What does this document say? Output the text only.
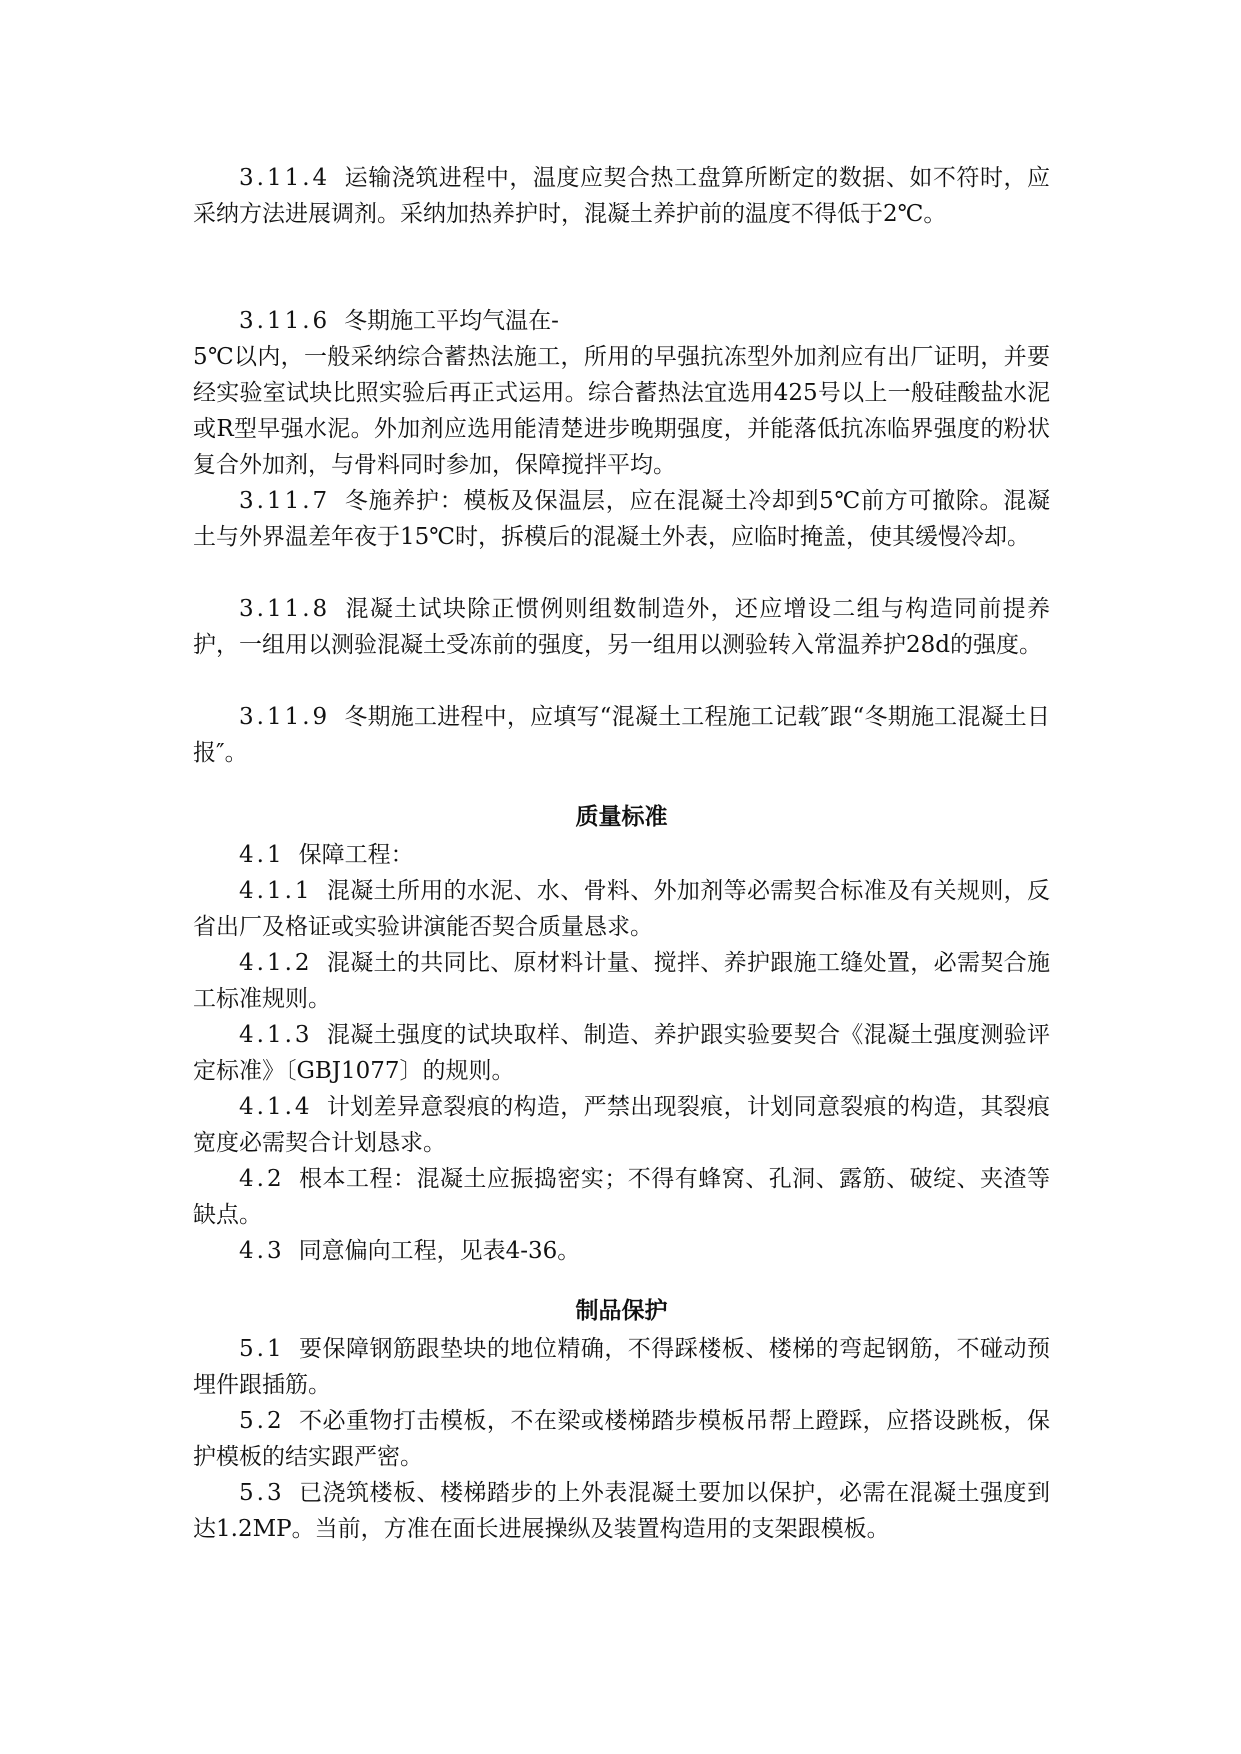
3.11.4 运输浇筑进程中，温度应契合热工盘算所断定的数据、如不符时，应采纳方法进展调剂。采纳加热养护时，混凝土养护前的温度不得低于2℃。

3.11.6 冬期施工平均气温在-

5℃以内，一般采纳综合蓄热法施工，所用的早强抗冻型外加剂应有出厂证明，并要经实验室试块比照实验后再正式运用。综合蓄热法宜选用425号以上一般硅酸盐水泥或R型早强水泥。外加剂应选用能清楚进步晚期强度，并能落低抗冻临界强度的粉状复合外加剂，与骨料同时参加，保障搅拌平均。

3.11.7 冬施养护：模板及保温层，应在混凝土冷却到5℃前方可撤除。混凝土与外界温差年夜于15℃时，拆模后的混凝土外表，应临时掩盖，使其缓慢冷却。

3.11.8 混凝土试块除正惯例则组数制造外，还应增设二组与构造同前提养护，一组用以测验混凝土受冻前的强度，另一组用以测验转入常温养护28d的强度。

3.11.9 冬期施工进程中，应填写“混凝土工程施工记载″跟“冬期施工混凝土日报″。

质量标准

4.1 保障工程：

4.1.1 混凝土所用的水泥、水、骨料、外加剂等必需契合标准及有关规则，反省出厂及格证或实验讲演能否契合质量恳求。

4.1.2 混凝土的共同比、原材料计量、搅拌、养护跟施工缝处置，必需契合施工标准规则。

4.1.3 混凝土强度的试块取样、制造、养护跟实验要契合《混凝土强度测验评定标准》〔GBJ1077〕的规则。

4.1.4 计划差异意裂痕的构造，严禁出现裂痕，计划同意裂痕的构造，其裂痕宽度必需契合计划恳求。

4.2 根本工程：混凝土应振捣密实；不得有蜂窝、孔洞、露筋、破绽、夹渣等缺点。

4.3 同意偏向工程，见表4-36。

制品保护

5.1 要保障钢筋跟垫块的地位精确，不得踩楼板、楼梯的弯起钢筋，不碰动预埋件跟插筋。

5.2 不必重物打击模板，不在梁或楼梯踏步模板吊帮上蹬踩，应搭设跳板，保护模板的结实跟严密。

5.3 已浇筑楼板、楼梯踏步的上外表混凝土要加以保护，必需在混凝土强度到达1.2MP。当前，方准在面长进展操纵及装置构造用的支架跟模板。
